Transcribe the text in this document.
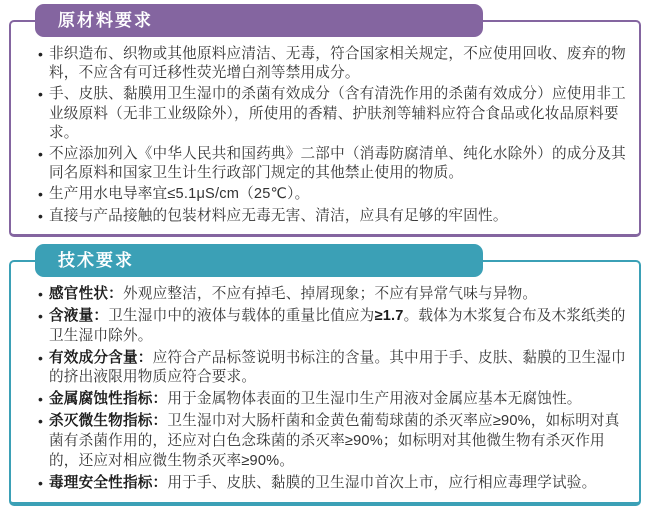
原材料要求
• 非织造布、织物或其他原料应清洁、无毒，符合国家相关规定，不应使用回收、废弃的物料，不应含有可迁移性荧光增白剂等禁用成分。
• 手、皮肤、黏膜用卫生湿巾的杀菌有效成分（含有清洗作用的杀菌有效成分）应使用非工业级原料（无非工业级除外），所使用的香精、护肤剂等辅料应符合食品或化妆品原料要求。
• 不应添加列入《中华人民共和国药典》二部中（消毒防腐清单、纯化水除外）的成分及其同名原料和国家卫生计生行政部门规定的其他禁止使用的物质。
• 生产用水电导率宜≤5.1μS/cm（25℃）。
• 直接与产品接触的包装材料应无毒无害、清洁，应具有足够的牢固性。
技术要求
• 感官性状：外观应整洁，不应有掉毛、掉屑现象；不应有异常气味与异物。
• 含液量：卫生湿巾中的液体与载体的重量比值应为≥1.7。载体为木浆复合布及木浆纸类的卫生湿巾除外。
• 有效成分含量：应符合产品标签说明书标注的含量。其中用于手、皮肤、黏膜的卫生湿巾的挤出液限用物质应符合要求。
• 金属腐蚀性指标：用于金属物体表面的卫生湿巾生产用液对金属应基本无腐蚀性。
• 杀灭微生物指标：卫生湿巾对大肠杆菌和金黄色葡萄球菌的杀灭率应≥90%，如标明对真菌有杀菌作用的，还应对白色念珠菌的杀灭率≥90%；如标明对其他微生物有杀灭作用的，还应对相应微生物杀灭率≥90%。
• 毒理安全性指标：用于手、皮肤、黏膜的卫生湿巾首次上市，应行相应毒理学试验。
